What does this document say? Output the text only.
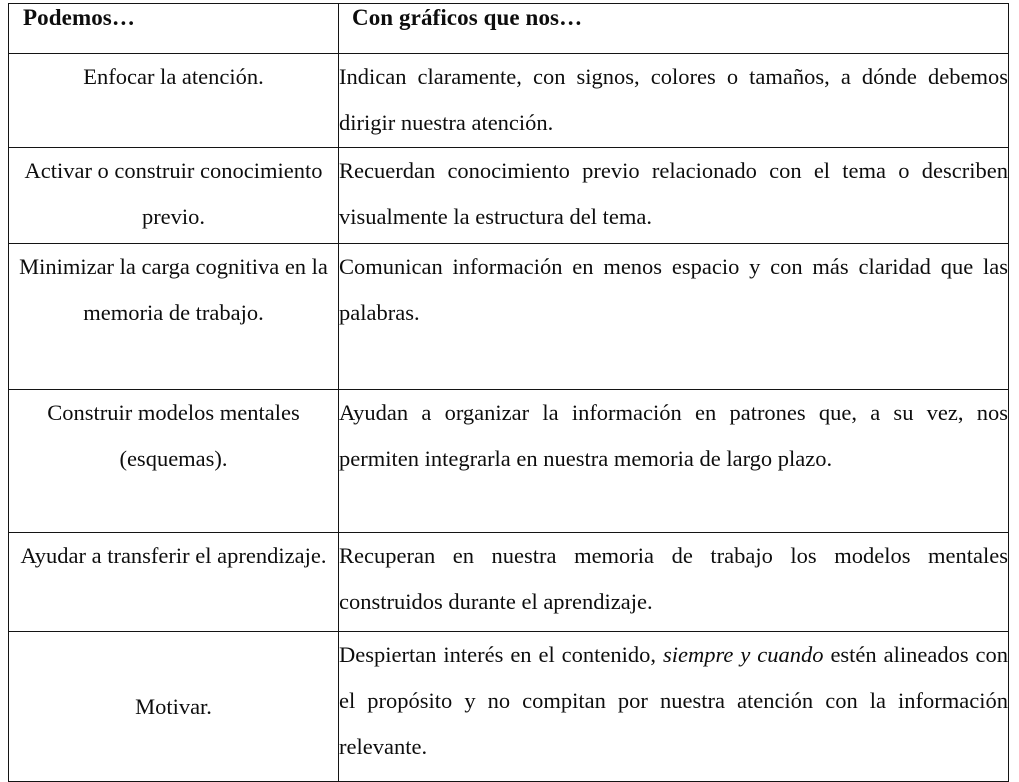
Podemos…	Con gráficos que nos…

Enfocar la atención.	Indican claramente, con signos, colores o tamaños, a dónde debemos dirigir nuestra atención.

Activar o construir conocimiento previo.	Recuerdan conocimiento previo relacionado con el tema o describen visualmente la estructura del tema.

Minimizar la carga cognitiva en la memoria de trabajo.	Comunican información en menos espacio y con más claridad que las palabras.

Construir modelos mentales (esquemas).	Ayudan a organizar la información en patrones que, a su vez, nos permiten integrarla en nuestra memoria de largo plazo.

Ayudar a transferir el aprendizaje.	Recuperan en nuestra memoria de trabajo los modelos mentales construidos durante el aprendizaje.

Motivar.	Despiertan interés en el contenido, siempre y cuando estén alineados con el propósito y no compitan por nuestra atención con la información relevante.
